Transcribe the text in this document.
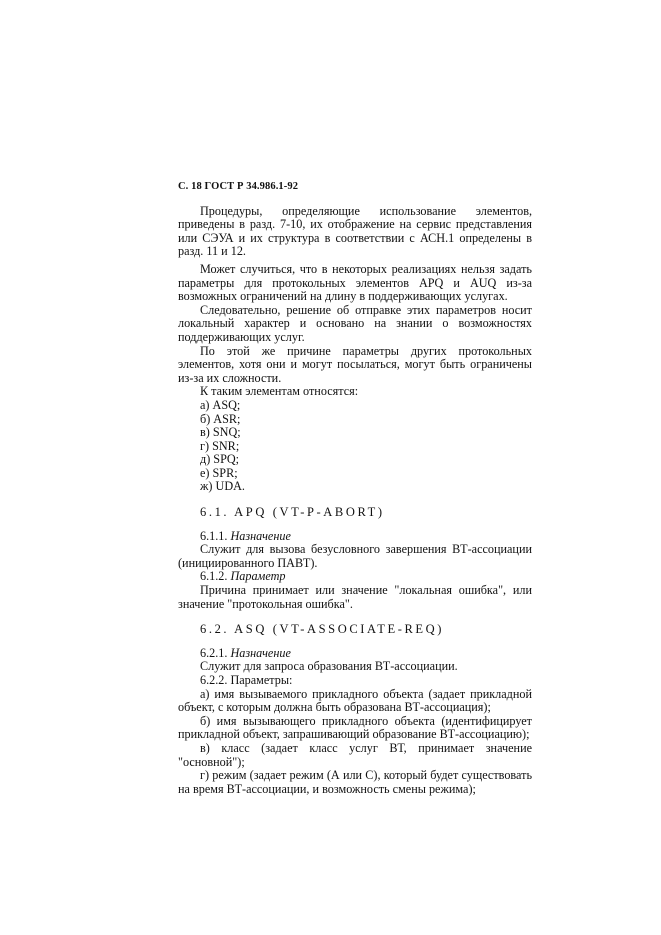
С. 18 ГОСТ Р 34.986.1-92

Процедуры, определяющие использование элементов, приведены в разд. 7-10, их отображение на сервис представления или СЭУА и их структура в соответствии с АСН.1 определены в разд. 11 и 12.

Может случиться, что в некоторых реализациях нельзя задать параметры для протокольных элементов APQ и AUQ из-за возможных ограничений на длину в поддерживающих услугах.

Следовательно, решение об отправке этих параметров носит локальный характер и основано на знании о возможностях поддерживающих услуг.

По этой же причине параметры других протокольных элементов, хотя они и могут посылаться, могут быть ограничены из-за их сложности.

К таким элементам относятся:

а) ASQ;

б) ASR;

в) SNQ;

г) SNR;

д) SPQ;

е) SPR;

ж) UDA.

6.1. APQ (VT-P-ABORT)

6.1.1. Назначение

Служит для вызова безусловного завершения ВТ-ассоциации (инициированного ПАВТ).

6.1.2. Параметр

Причина принимает или значение "локальная ошибка", или значение "протокольная ошибка".

6.2. ASQ (VT-ASSOCIATE-REQ)

6.2.1. Назначение

Служит для запроса образования ВТ-ассоциации.

6.2.2. Параметры:

а) имя вызываемого прикладного объекта (задает прикладной объект, с которым должна быть образована ВТ-ассоциация);

б) имя вызывающего прикладного объекта (идентифицирует прикладной объект, запрашивающий образование ВТ-ассоциацию);

в) класс (задает класс услуг ВТ, принимает значение "основной");

г) режим (задает режим (А или С), который будет существовать на время ВТ-ассоциации, и возможность смены режима);
